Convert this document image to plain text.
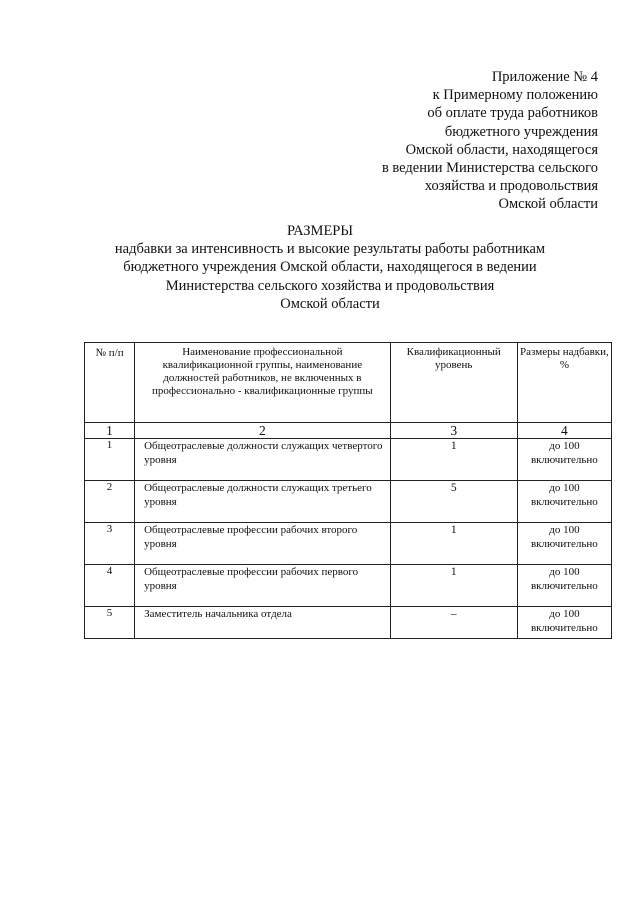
Приложение № 4
к Примерному положению
об оплате труда работников
бюджетного учреждения
Омской области, находящегося
в ведении Министерства сельского
хозяйства и продовольствия
Омской области
РАЗМЕРЫ
надбавки за интенсивность и высокие результаты работы работникам
бюджетного учреждения Омской области, находящегося в ведении
Министерства сельского хозяйства и продовольствия
Омской области
№ п/п	Наименование профессиональной квалификационной группы, наименование должностей работников, не включенных в профессионально - квалификационные группы	Квалификационный уровень	Размеры надбавки, %
1	2	3	4
1	Общеотраслевые должности служащих четвертого уровня	1	до 100 включительно
2	Общеотраслевые должности служащих третьего уровня	5	до 100 включительно
3	Общеотраслевые профессии рабочих второго уровня	1	до 100 включительно
4	Общеотраслевые профессии рабочих первого уровня	1	до 100 включительно
5	Заместитель начальника отдела	–	до 100 включительно
